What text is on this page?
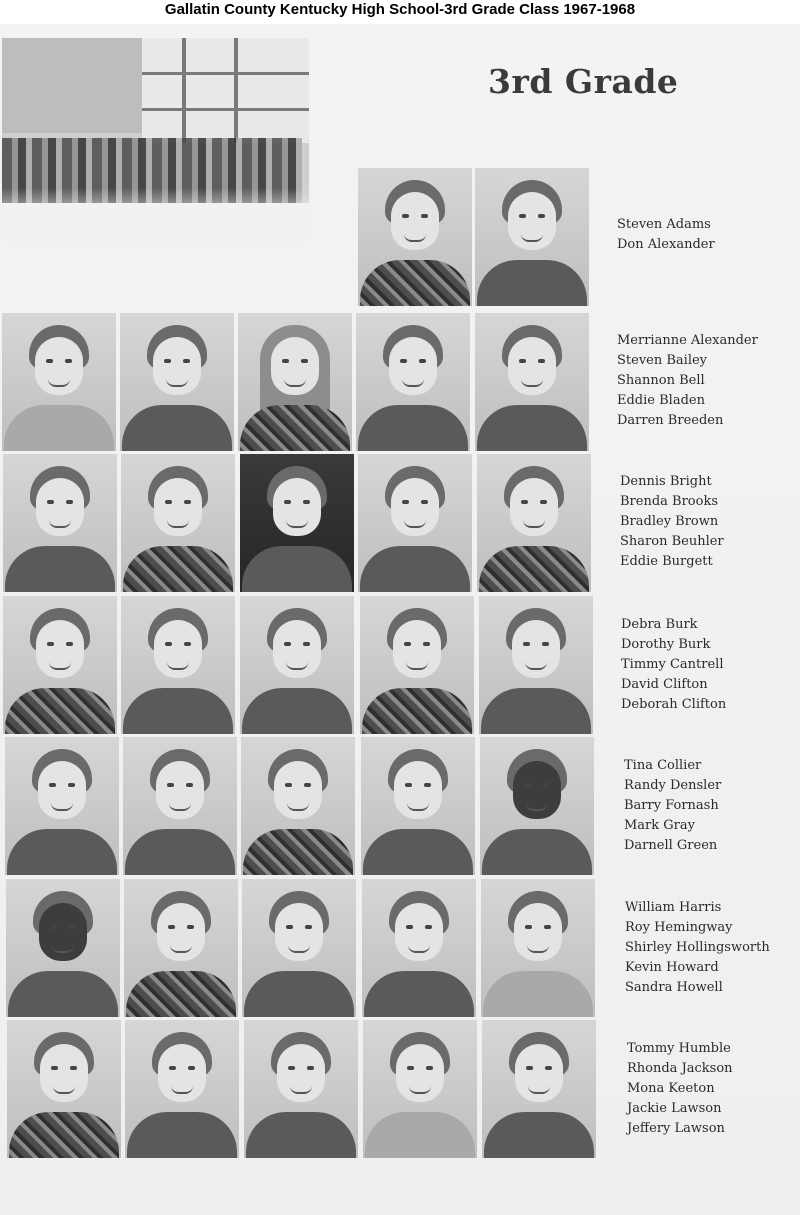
Gallatin County Kentucky High School-3rd Grade Class 1967-1968
3rd Grade
Steven Adams
Don Alexander
Merrianne Alexander
Steven Bailey
Shannon Bell
Eddie Bladen
Darren Breeden
Dennis Bright
Brenda Brooks
Bradley Brown
Sharon Beuhler
Eddie Burgett
Debra Burk
Dorothy Burk
Timmy Cantrell
David Clifton
Deborah Clifton
Tina Collier
Randy Densler
Barry Fornash
Mark Gray
Darnell Green
William Harris
Roy Hemingway
Shirley Hollingsworth
Kevin Howard
Sandra Howell
Tommy Humble
Rhonda Jackson
Mona Keeton
Jackie Lawson
Jeffery Lawson
